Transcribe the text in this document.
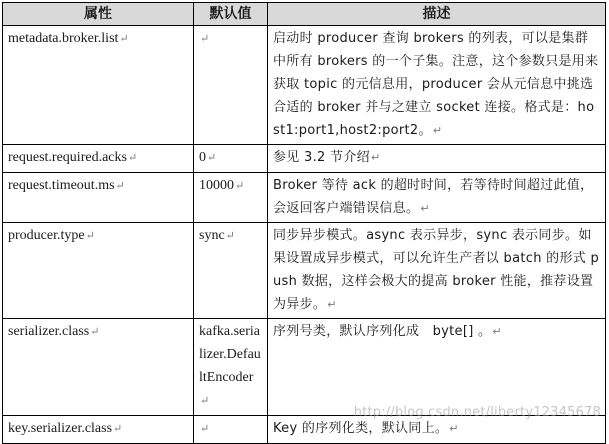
属性	默认值	描述
metadata.broker.list↵	↵	启动时 producer 查询 brokers 的列表，可以是集群中所有 brokers 的一个子集。注意，这个参数只是用来获取 topic 的元信息用，producer 会从元信息中挑选合适的 broker 并与之建立 socket 连接。格式是：host1:port1,host2:port2。↵
request.required.acks↵	0↵	参见 3.2 节介绍↵
request.timeout.ms↵	10000↵	Broker 等待 ack 的超时时间，若等待时间超过此值，会返回客户端错误信息。↵
producer.type↵	sync↵	同步异步模式。async 表示异步，sync 表示同步。如果设置成异步模式，可以允许生产者以 batch 的形式 push 数据，这样会极大的提高 broker 性能，推荐设置为异步。↵
serializer.class↵	kafka.serializer.DefaultEncoder↵	序列号类，默认序列化成　byte[] 。↵
key.serializer.class↵	↵	Key 的序列化类，默认同上。↵
http://blog.csdn.net/liberty12345678
